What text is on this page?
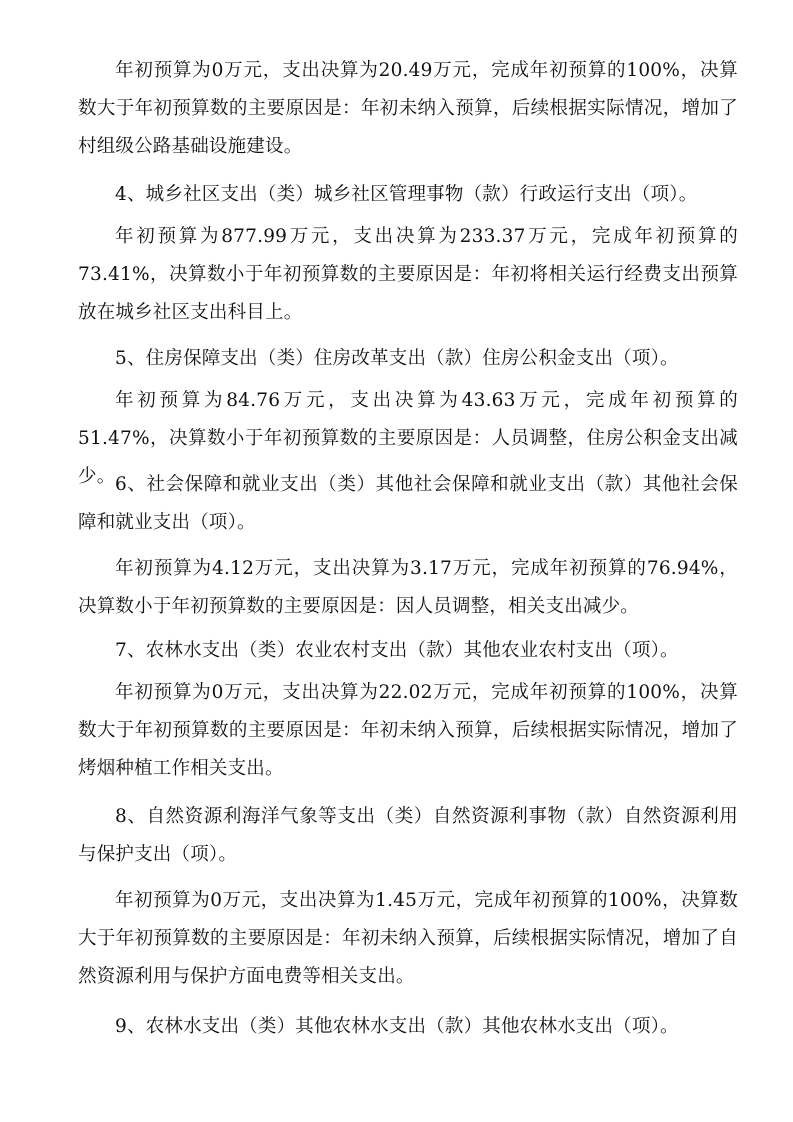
年初预算为0万元，支出决算为20.49万元，完成年初预算的100%，决算数大于年初预算数的主要原因是：年初未纳入预算，后续根据实际情况，增加了村组级公路基础设施建设。

4、城乡社区支出（类）城乡社区管理事物（款）行政运行支出（项）。

年初预算为877.99万元，支出决算为233.37万元，完成年初预算的73.41%，决算数小于年初预算数的主要原因是：年初将相关运行经费支出预算放在城乡社区支出科目上。

5、住房保障支出（类）住房改革支出（款）住房公积金支出（项）。

年初预算为84.76万元，支出决算为43.63万元，完成年初预算的51.47%，决算数小于年初预算数的主要原因是：人员调整，住房公积金支出减少。 6、社会保障和就业支出（类）其他社会保障和就业支出（款）其他社会保障和就业支出（项）。

年初预算为4.12万元，支出决算为3.17万元，完成年初预算的76.94%，决算数小于年初预算数的主要原因是：因人员调整，相关支出减少。

7、农林水支出（类）农业农村支出（款）其他农业农村支出（项）。

年初预算为0万元，支出决算为22.02万元，完成年初预算的100%，决算数大于年初预算数的主要原因是：年初未纳入预算，后续根据实际情况，增加了烤烟种植工作相关支出。

8、自然资源利海洋气象等支出（类）自然资源利事物（款）自然资源利用与保护支出（项）。

年初预算为0万元，支出决算为1.45万元，完成年初预算的100%，决算数大于年初预算数的主要原因是：年初未纳入预算，后续根据实际情况，增加了自然资源利用与保护方面电费等相关支出。

9、农林水支出（类）其他农林水支出（款）其他农林水支出（项）。
